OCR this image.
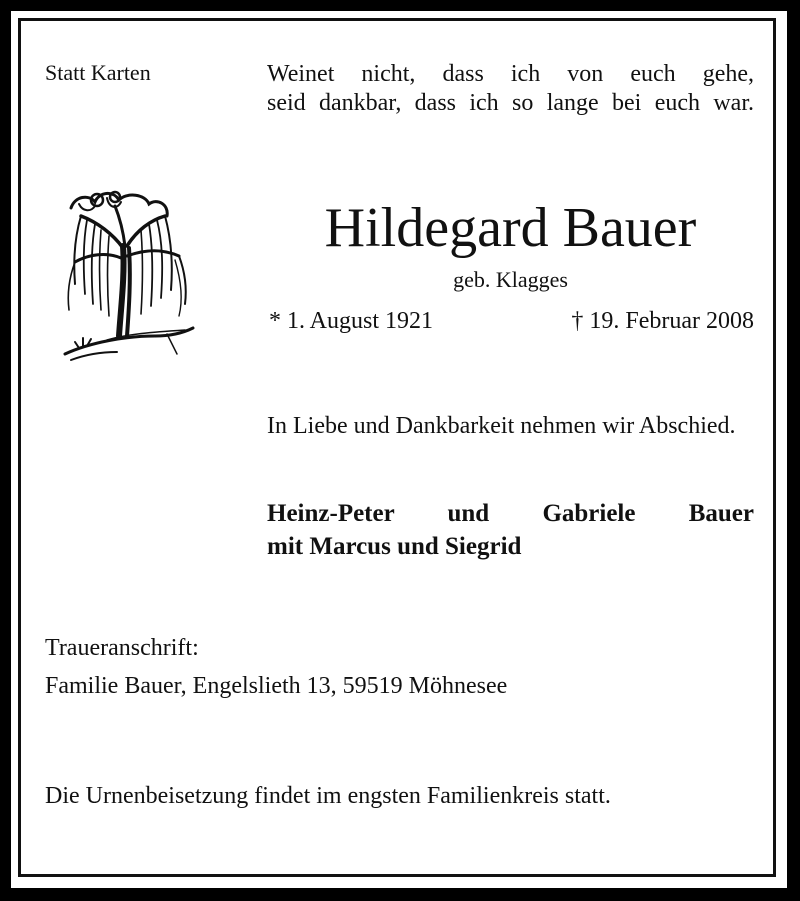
Statt Karten	Weinet nicht, dass ich von euch gehe,
seid dankbar, dass ich so lange bei euch war.
Hildegard Bauer
geb. Klagges
* 1. August 1921	† 19. Februar 2008
In Liebe und Dankbarkeit nehmen wir Abschied.
Heinz-Peter und Gabriele Bauer
mit Marcus und Siegrid
Traueranschrift:
Familie Bauer, Engelslieth 13, 59519 Möhnesee
Die Urnenbeisetzung findet im engsten Familienkreis statt.
